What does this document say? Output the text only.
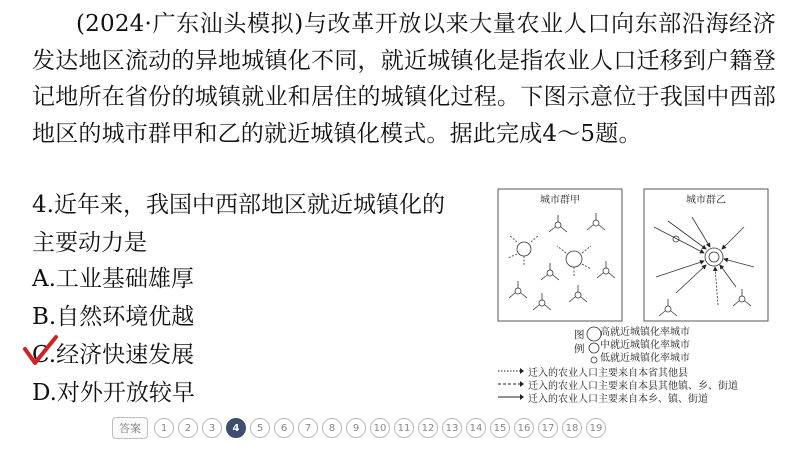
(2024·广东汕头模拟)与改革开放以来大量农业人口向东部沿海经济发达地区流动的异地城镇化不同，就近城镇化是指农业人口迁移到户籍登记地所在省份的城镇就业和居住的城镇化过程。下图示意位于我国中西部地区的城市群甲和乙的就近城镇化模式。据此完成4～5题。
4.近年来，我国中西部地区就近城镇化的
主要动力是
A.工业基础雄厚
B.自然环境优越
C.经济快速发展
D.对外开放较早
城市群甲	城市群乙
图例
高就近城镇化率城市
中就近城镇化率城市
低就近城镇化率城市
迁入的农业人口主要来自本省其他县
迁入的农业人口主要来自本县其他镇、乡、街道
迁入的农业人口主要来自本乡、镇、街道
答案	1	2	3	4	5	6	7	8	9	10	11	12	13	14	15	16	17	18	19
